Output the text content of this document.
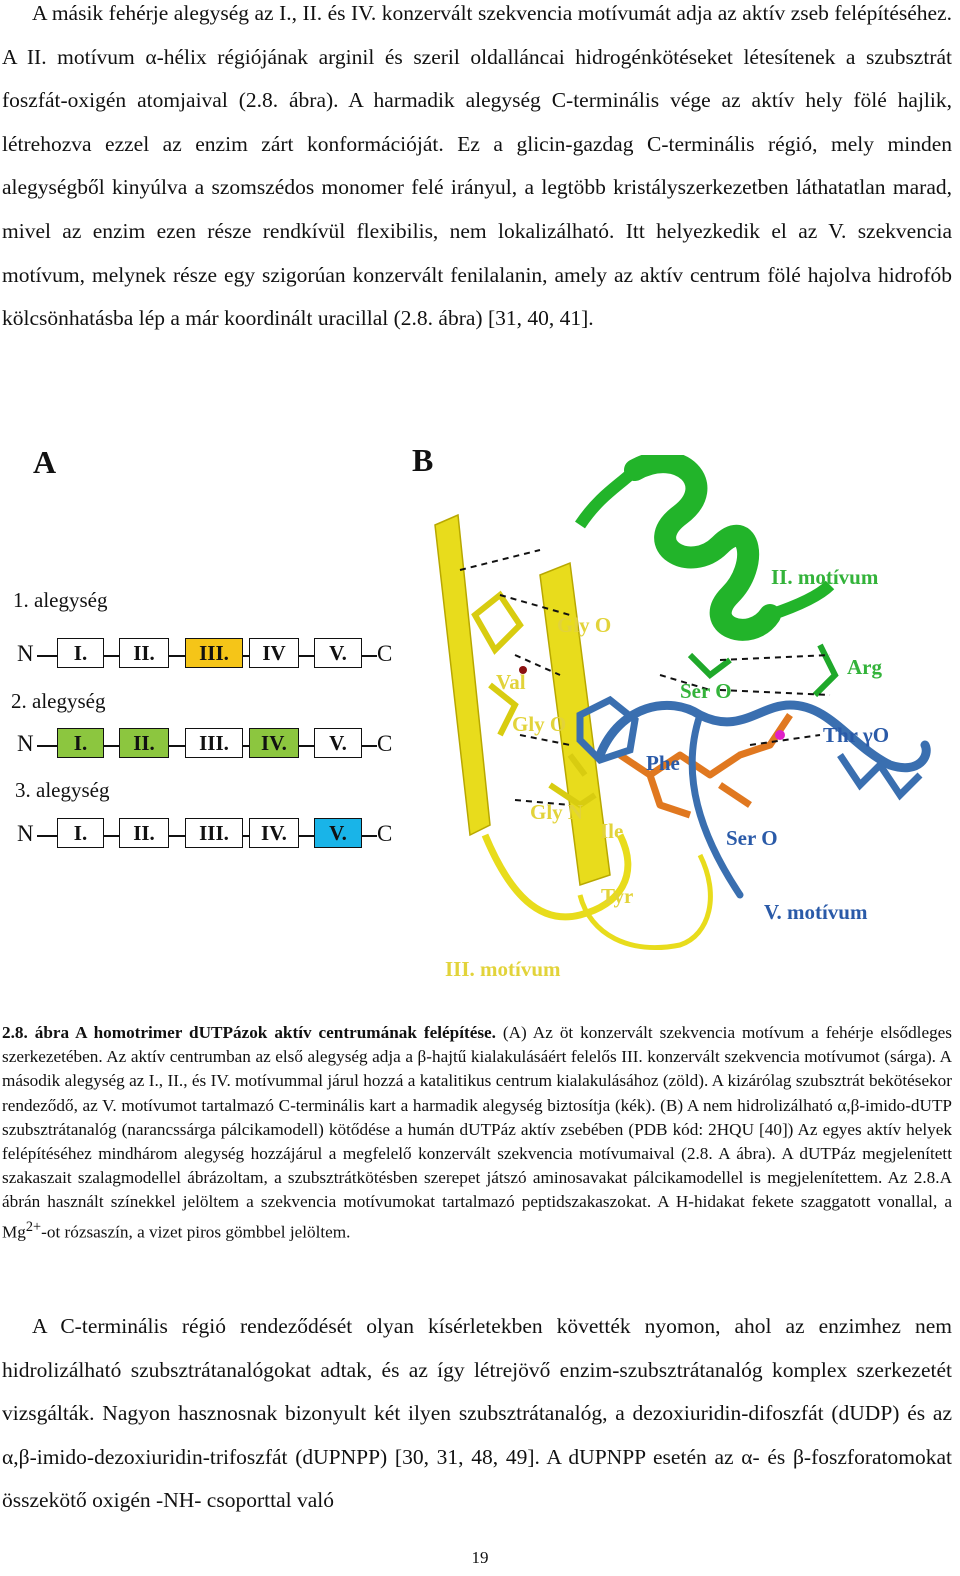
A másik fehérje alegység az I., II. és IV. konzervált szekvencia motívumát adja az aktív zseb felépítéséhez. A II. motívum α-hélix régiójának arginil és szeril oldalláncai hidrogénkötéseket létesítenek a szubsztrát foszfát-oxigén atomjaival (2.8. ábra). A harmadik alegység C-terminális vége az aktív hely fölé hajlik, létrehozva ezzel az enzim zárt konformációját. Ez a glicin-gazdag C-terminális régió, mely minden alegységből kinyúlva a szomszédos monomer felé irányul, a legtöbb kristályszerkezetben láthatatlan marad, mivel az enzim ezen része rendkívül flexibilis, nem lokalizálható. Itt helyezkedik el az V. szekvencia motívum, melynek része egy szigorúan konzervált fenilalanin, amely az aktív centrum fölé hajolva hidrofób kölcsönhatásba lép a már koordinált uracillal (2.8. ábra) [31, 40, 41].

A	B
1. alegység
N	I.	II.	III.	IV	V.	C
2. alegység
N	I.	II.	III.	IV.	V.	C
3. alegység
N	I.	II.	III.	IV.	V.	C
II. motívum
Arg
Gly O
Val	Ser O
Thr γO
Gly O
Phe
Gly N
Ile	Ser O
Tyr
V. motívum
III. motívum

2.8. ábra A homotrimer dUTPázok aktív centrumának felépítése. (A) Az öt konzervált szekvencia motívum a fehérje elsődleges szerkezetében. Az aktív centrumban az első alegység adja a β-hajtű kialakulásáért felelős III. konzervált szekvencia motívumot (sárga). A második alegység az I., II., és IV. motívummal járul hozzá a katalitikus centrum kialakulásához (zöld). A kizárólag szubsztrát bekötésekor rendeződő, az V. motívumot tartalmazó C-terminális kart a harmadik alegység biztosítja (kék). (B) A nem hidrolizálható α,β-imido-dUTP szubsztrátanalóg (narancssárga pálcikamodell) kötődése a humán dUTPáz aktív zsebében (PDB kód: 2HQU [40]) Az egyes aktív helyek felépítéséhez mindhárom alegység hozzájárul a megfelelő konzervált szekvencia motívumaival (2.8. A ábra). A dUTPáz megjelenített szakaszait szalagmodellel ábrázoltam, a szubsztrátkötésben szerepet játszó aminosavakat pálcikamodellel is megjelenítettem. Az 2.8.A ábrán használt színekkel jelöltem a szekvencia motívumokat tartalmazó peptidszakaszokat. A H-hidakat fekete szaggatott vonallal, a $Mg^{2+}-ot$ rózsaszín, a vizet piros gömbbel jelöltem.

A C-terminális régió rendeződését olyan kísérletekben követték nyomon, ahol az enzimhez nem hidrolizálható szubsztrátanalógokat adtak, és az így létrejövő enzim-szubsztrátanalóg komplex szerkezetét vizsgálták. Nagyon hasznosnak bizonyult két ilyen szubsztrátanalóg, a dezoxiuridin-difoszfát (dUDP) és az α,β-imido-dezoxiuridin-trifoszfát (dUPNPP) [30, 31, 48, 49]. A dUPNPP esetén az α- és β-foszforatomokat összekötő oxigén -NH- csoporttal való

19
